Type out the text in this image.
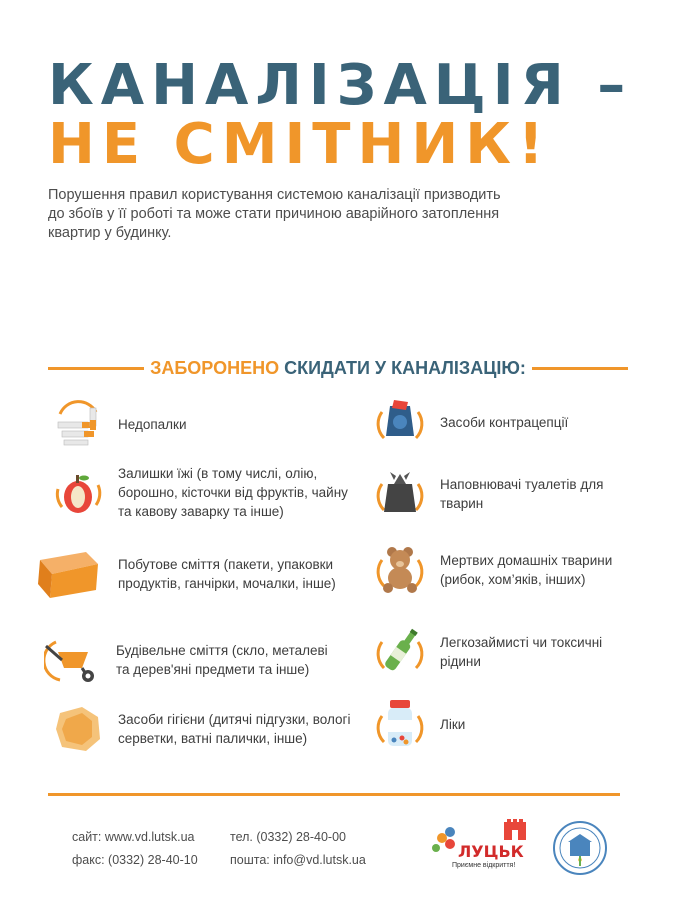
КАНАЛІЗАЦІЯ –
НЕ СМІТНИК!
Порушення правил користування системою каналізації призводить до збоїв у її роботі та може стати причиною аварійного затоплення квартир у будинку.
ЗАБОРОНЕНО СКИДАТИ У КАНАЛІЗАЦІЮ:
Недопалки
Залишки їжі (в тому числі, олію, борошно, кісточки від фруктів, чайну та кавову заварку та інше)
Побутове сміття (пакети, упаковки продуктів, ганчірки, мочалки, інше)
Будівельне сміття (скло, металеві та дерев'яні предмети та інше)
Засоби гігієни (дитячі підгузки, вологі серветки, ватні палички, інше)
Засоби контрацепції
Наповнювачі туалетів для тварин
Мертвих домашніх тварини (рибок, хом’яків, інших)
Легкозаймисті чи токсичні рідини
Ліки
сайт: www.vd.lutsk.ua
факс: (0332) 28-40-10
тел. (0332) 28-40-00
пошта: info@vd.lutsk.ua	ЛУЦЬК
Приємне відкриття!
